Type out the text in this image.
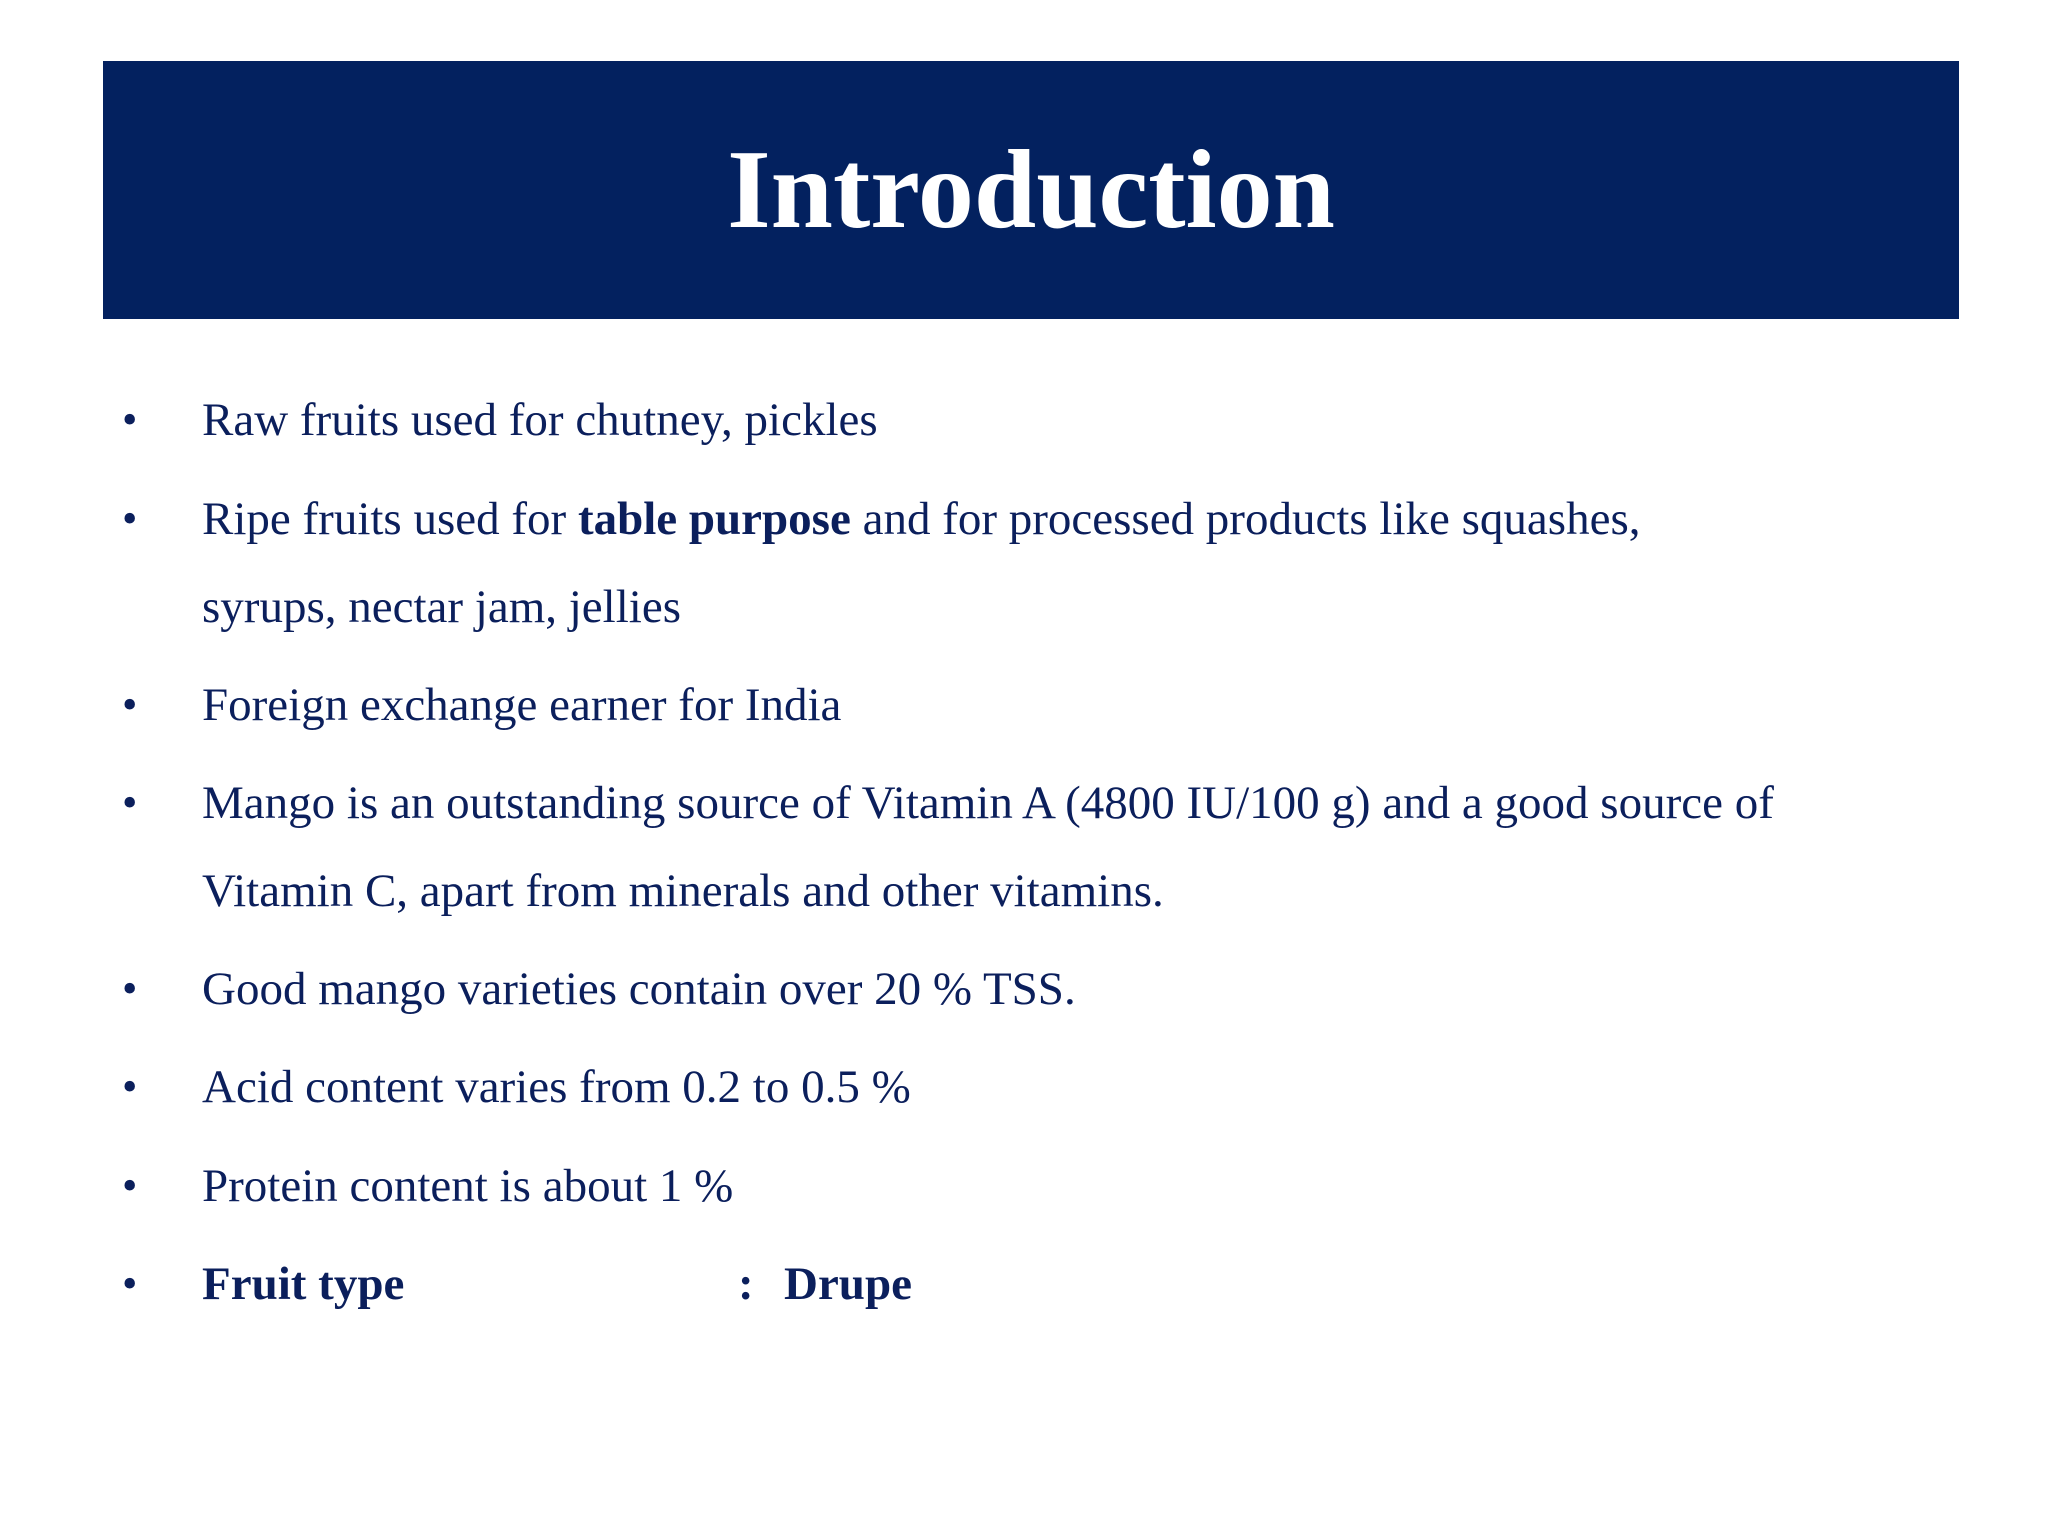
Introduction
• Raw fruits used for chutney, pickles
• Ripe fruits used for table purpose and for processed products like squashes,
syrups, nectar jam, jellies
• Foreign exchange earner for India
• Mango is an outstanding source of Vitamin A (4800 IU/100 g) and a good source of
Vitamin C, apart from minerals and other vitamins.
• Good mango varieties contain over 20 % TSS.
• Acid content varies from 0.2 to 0.5 %
• Protein content is about 1 %
• Fruit type	: Drupe
